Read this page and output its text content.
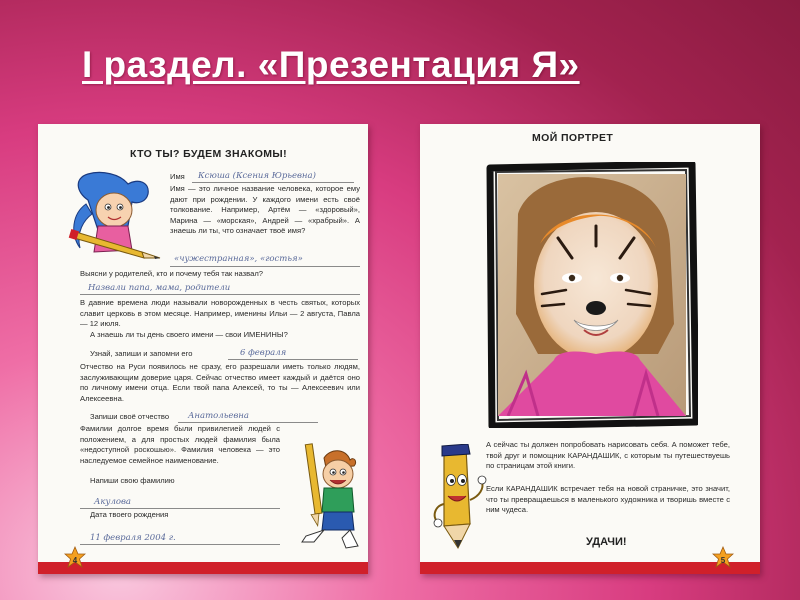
I раздел. «Презентация Я»
КТО ТЫ? БУДЕМ ЗНАКОМЫ!
Имя Ксюша (Ксения Юрьевна)
Имя — это личное название человека, которое ему дают при рождении. У каждого имени есть своё толкование. Например, Артём — «здоровый», Марина — «морская», Андрей — «храбрый». А знаешь ли ты, что означает твоё имя?
«чужестранная», «гостья»
Выясни у родителей, кто и почему тебя так назвал?
Назвали папа, мама, родители
В давние времена люди называли новорожденных в честь святых, которых славит церковь в этом месяце. Например, именины Ильи — 2 августа, Павла — 12 июля.
А знаешь ли ты день своего имени — свои ИМЕНИНЫ?
Узнай, запиши и запомни его	6 февраля
Отчество на Руси появилось не сразу, его разрешали иметь только людям, заслуживающим доверие царя. Сейчас отчество имеет каждый и даётся оно по личному имени отца. Если твой папа Алексей, то ты — Алексеевич или Алексеевна.
Запиши своё отчество Анатольевна
Фамилии долгое время были привилегией людей с положением, а для простых людей фамилия была «недоступной роскошью». Фамилия человека — это наследуемое семейное наименование.
Напиши свою фамилию
Акулова
Дата твоего рождения
11 февраля 2004 г.
4
МОЙ ПОРТРЕТ
А сейчас ты должен попробовать нарисовать себя. А поможет тебе, твой друг и помощник КАРАНДАШИК, с которым ты путешествуешь по страницам этой книги.
Если КАРАНДАШИК встречает тебя на новой страничке, это значит, что ты превращаешься в маленького художника и творишь вместе с ним чудеса.
УДАЧИ!
5
